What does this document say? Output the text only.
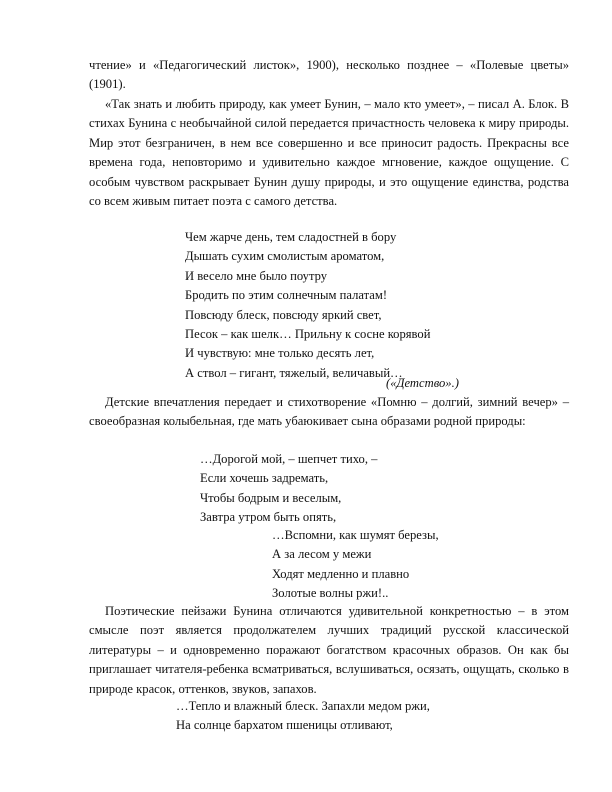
чтение» и «Педагогический листок», 1900), несколько позднее – «Полевые цветы» (1901).

«Так знать и любить природу, как умеет Бунин, – мало кто умеет», – писал А. Блок. В стихах Бунина с необычайной силой передается причастность человека к миру природы. Мир этот безграничен, в нем все совершенно и все приносит радость. Прекрасны все времена года, неповторимо и удивительно каждое мгновение, каждое ощущение. С особым чувством раскрывает Бунин душу природы, и это ощущение единства, родства со всем живым питает поэта с самого детства.

Чем жарче день, тем сладостней в бору
Дышать сухим смолистым ароматом,
И весело мне было поутру
Бродить по этим солнечным палатам!
Повсюду блеск, повсюду яркий свет,
Песок – как шелк… Прильну к сосне корявой
И чувствую: мне только десять лет,
А ствол – гигант, тяжелый, величавый…
(«Детство».)

Детские впечатления передает и стихотворение «Помню – долгий, зимний вечер» – своеобразная колыбельная, где мать убаюкивает сына образами родной природы:

…Дорогой мой, – шепчет тихо, –
Если хочешь задремать,
Чтобы бодрым и веселым,
Завтра утром быть опять,
…Вспомни, как шумят березы,
А за лесом у межи
Ходят медленно и плавно
Золотые волны ржи!..

Поэтические пейзажи Бунина отличаются удивительной конкретностью – в этом смысле поэт является продолжателем лучших традиций русской классической литературы – и одновременно поражают богатством красочных образов. Он как бы приглашает читателя-ребенка всматриваться, вслушиваться, осязать, ощущать, сколько в природе красок, оттенков, звуков, запахов.

…Тепло и влажный блеск. Запахли медом ржи,
На солнце бархатом пшеницы отливают,
